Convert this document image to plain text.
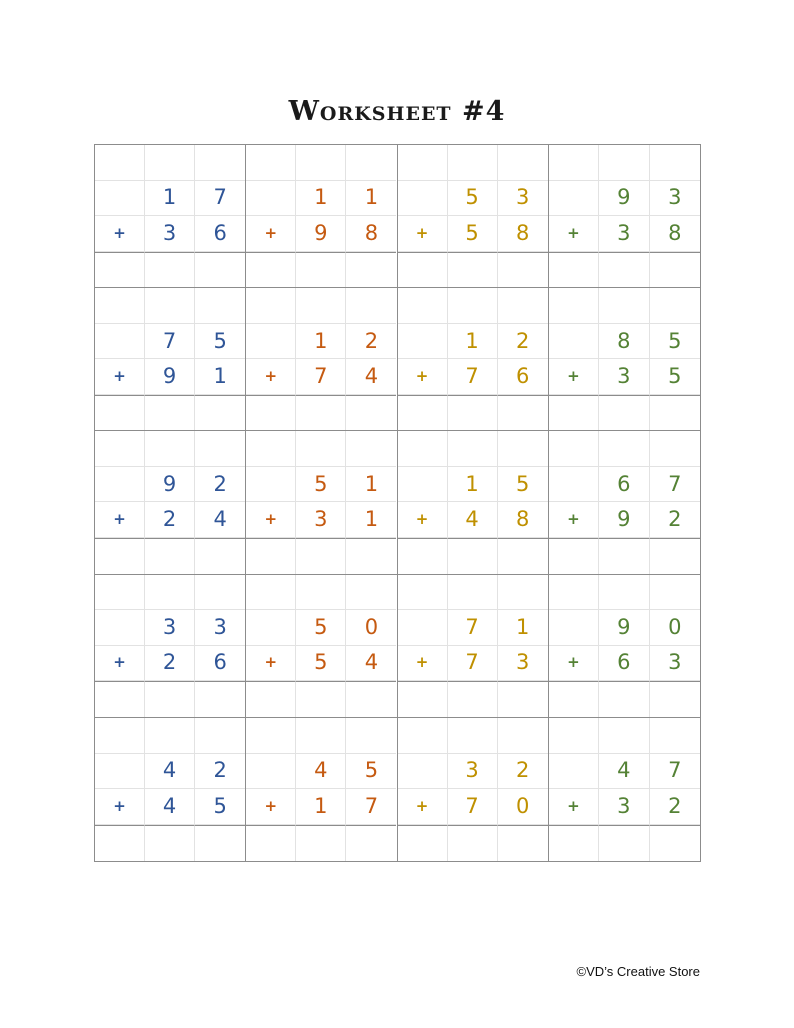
Worksheet #4
1	7
+	3	6
1	1
+	9	8
5	3
+	5	8
9	3
+	3	8
7	5
+	9	1
1	2
+	7	4
1	2
+	7	6
8	5
+	3	5
9	2
+	2	4
5	1
+	3	1
1	5
+	4	8
6	7
+	9	2
3	3
+	2	6
5	0
+	5	4
7	1
+	7	3
9	0
+	6	3
4	2
+	4	5
4	5
+	1	7
3	2
+	7	0
4	7
+	3	2
©VD’s Creative Store
